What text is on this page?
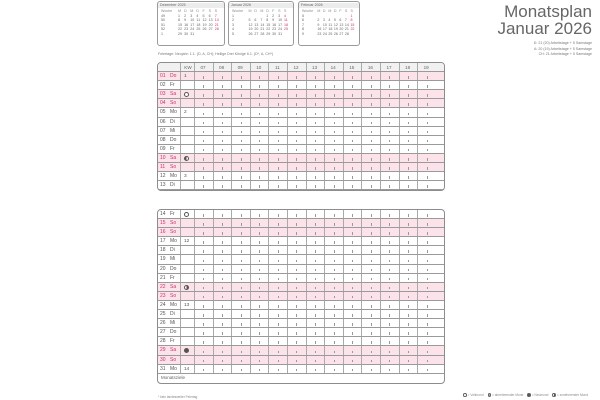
Dezember 2025
Woche	M	D	M	D	F	S	S
49	1	2	3	4	5	6	7
50	8	9	10	11	12	13	14
51	15	16	17	18	19	20	21
52	22	23	24	25	26	27	28
1	29	30	31				
Januar 2026
Woche	M	D	M	D	F	S	S
1				1	2	3	4
2	5	6	7	8	9	10	11
3	12	13	14	15	16	17	18
4	19	20	21	22	23	24	25
5	26	27	28	29	30	31	
Februar 2026
Woche	M	D	M	D	F	S	S
5							1
6	2	3	4	5	6	7	8
7	9	10	11	12	13	14	15
8	16	17	18	19	20	21	22
9	23	24	25	26	27	28	
Monatsplan
Januar 2026
D: 21 (20) Arbeitstage + 5 Samstage
A: 20 (19) Arbeitstage + 5 Samstage
CH: 21 Arbeitstage + 5 Samstage
Feiertage: Neujahr: 1.1. (D, A, CH); Heilige Drei Könige 6.1. (D*, A, CH*)
KW	07	08	09	10	11	12	13	14	15	16	17	18	19
01 Do	1
02 Fr
03 Sa
04 So
05 Mo	2
06 Di
07 Mi
08 Do
09 Fr
10 Sa
11 So
12 Mo	3
13 Di
14 Fr
15 So
16 So
17 Mo	12
18 Di
19 Mi
20 Do
21 Fr
22 Sa
23 So
24 Mo	13
25 Di
26 Mi
27 Do
28 Fr
29 Sa
30 So
31 Mo	14
Monatsziele
* kein landesweiter Feiertag	= Vollmond	= abnehmender Mond	= Neumond	= zunehmender Mond
